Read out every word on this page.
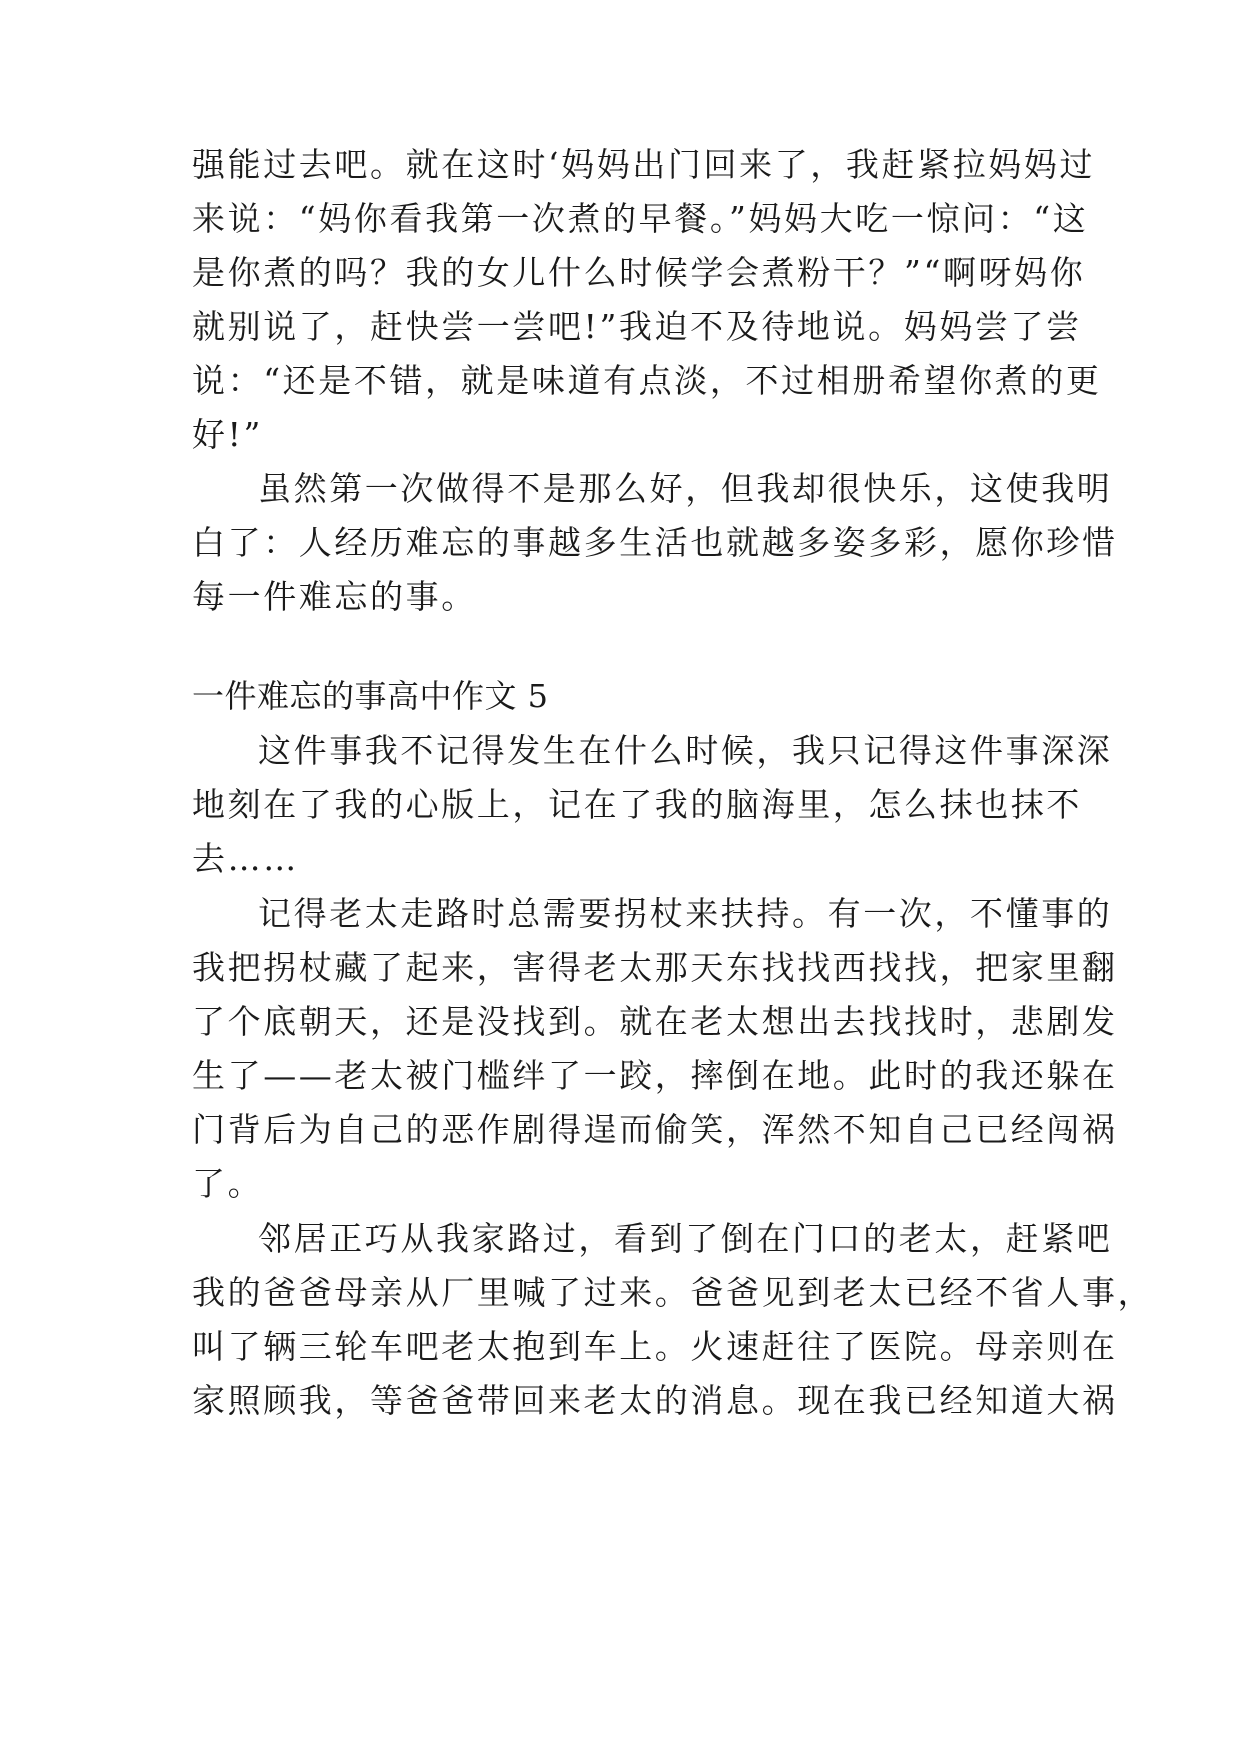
强能过去吧。就在这时‘妈妈出门回来了，我赶紧拉妈妈过
来说：“妈你看我第一次煮的早餐。”妈妈大吃一惊问：“这
是你煮的吗？我的女儿什么时候学会煮粉干？”“啊呀妈你
就别说了，赶快尝一尝吧!”我迫不及待地说。妈妈尝了尝
说：“还是不错，就是味道有点淡，不过相册希望你煮的更
好!”
虽然第一次做得不是那么好，但我却很快乐，这使我明
白了：人经历难忘的事越多生活也就越多姿多彩，愿你珍惜
每一件难忘的事。
一件难忘的事高中作文 5
这件事我不记得发生在什么时候，我只记得这件事深深
地刻在了我的心版上，记在了我的脑海里，怎么抹也抹不
去……
记得老太走路时总需要拐杖来扶持。有一次，不懂事的
我把拐杖藏了起来，害得老太那天东找找西找找，把家里翻
了个底朝天，还是没找到。就在老太想出去找找时，悲剧发
生了——老太被门槛绊了一跤，摔倒在地。此时的我还躲在
门背后为自己的恶作剧得逞而偷笑，浑然不知自己已经闯祸
了。
邻居正巧从我家路过，看到了倒在门口的老太，赶紧吧
我的爸爸母亲从厂里喊了过来。爸爸见到老太已经不省人事，
叫了辆三轮车吧老太抱到车上。火速赶往了医院。母亲则在
家照顾我，等爸爸带回来老太的消息。现在我已经知道大祸
